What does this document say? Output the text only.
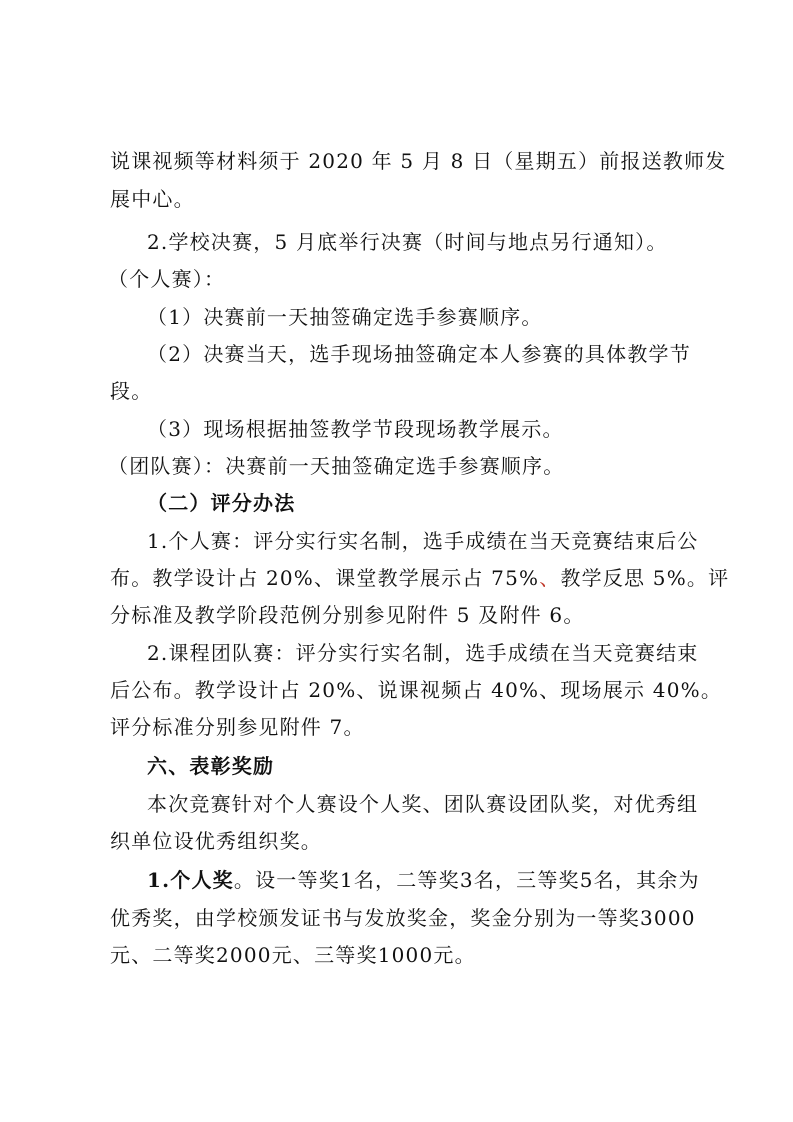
说课视频等材料须于 2020 年 5 月 8 日（星期五）前报送教师发
展中心。
2.学校决赛，5 月底举行决赛（时间与地点另行通知）。
（个人赛）：
（1）决赛前一天抽签确定选手参赛顺序。
（2）决赛当天，选手现场抽签确定本人参赛的具体教学节
段。
（3）现场根据抽签教学节段现场教学展示。
（团队赛）：决赛前一天抽签确定选手参赛顺序。
（二）评分办法
1.个人赛：评分实行实名制，选手成绩在当天竞赛结束后公
布。教学设计占 20%、课堂教学展示占 75%、教学反思 5%。评
分标准及教学阶段范例分别参见附件 5 及附件 6。
2.课程团队赛：评分实行实名制，选手成绩在当天竞赛结束
后公布。教学设计占 20%、说课视频占 40%、现场展示 40%。
评分标准分别参见附件 7。
六、表彰奖励
本次竞赛针对个人赛设个人奖、团队赛设团队奖，对优秀组
织单位设优秀组织奖。
1.个人奖。设一等奖1名，二等奖3名，三等奖5名，其余为
优秀奖，由学校颁发证书与发放奖金，奖金分别为一等奖3000
元、二等奖2000元、三等奖1000元。
